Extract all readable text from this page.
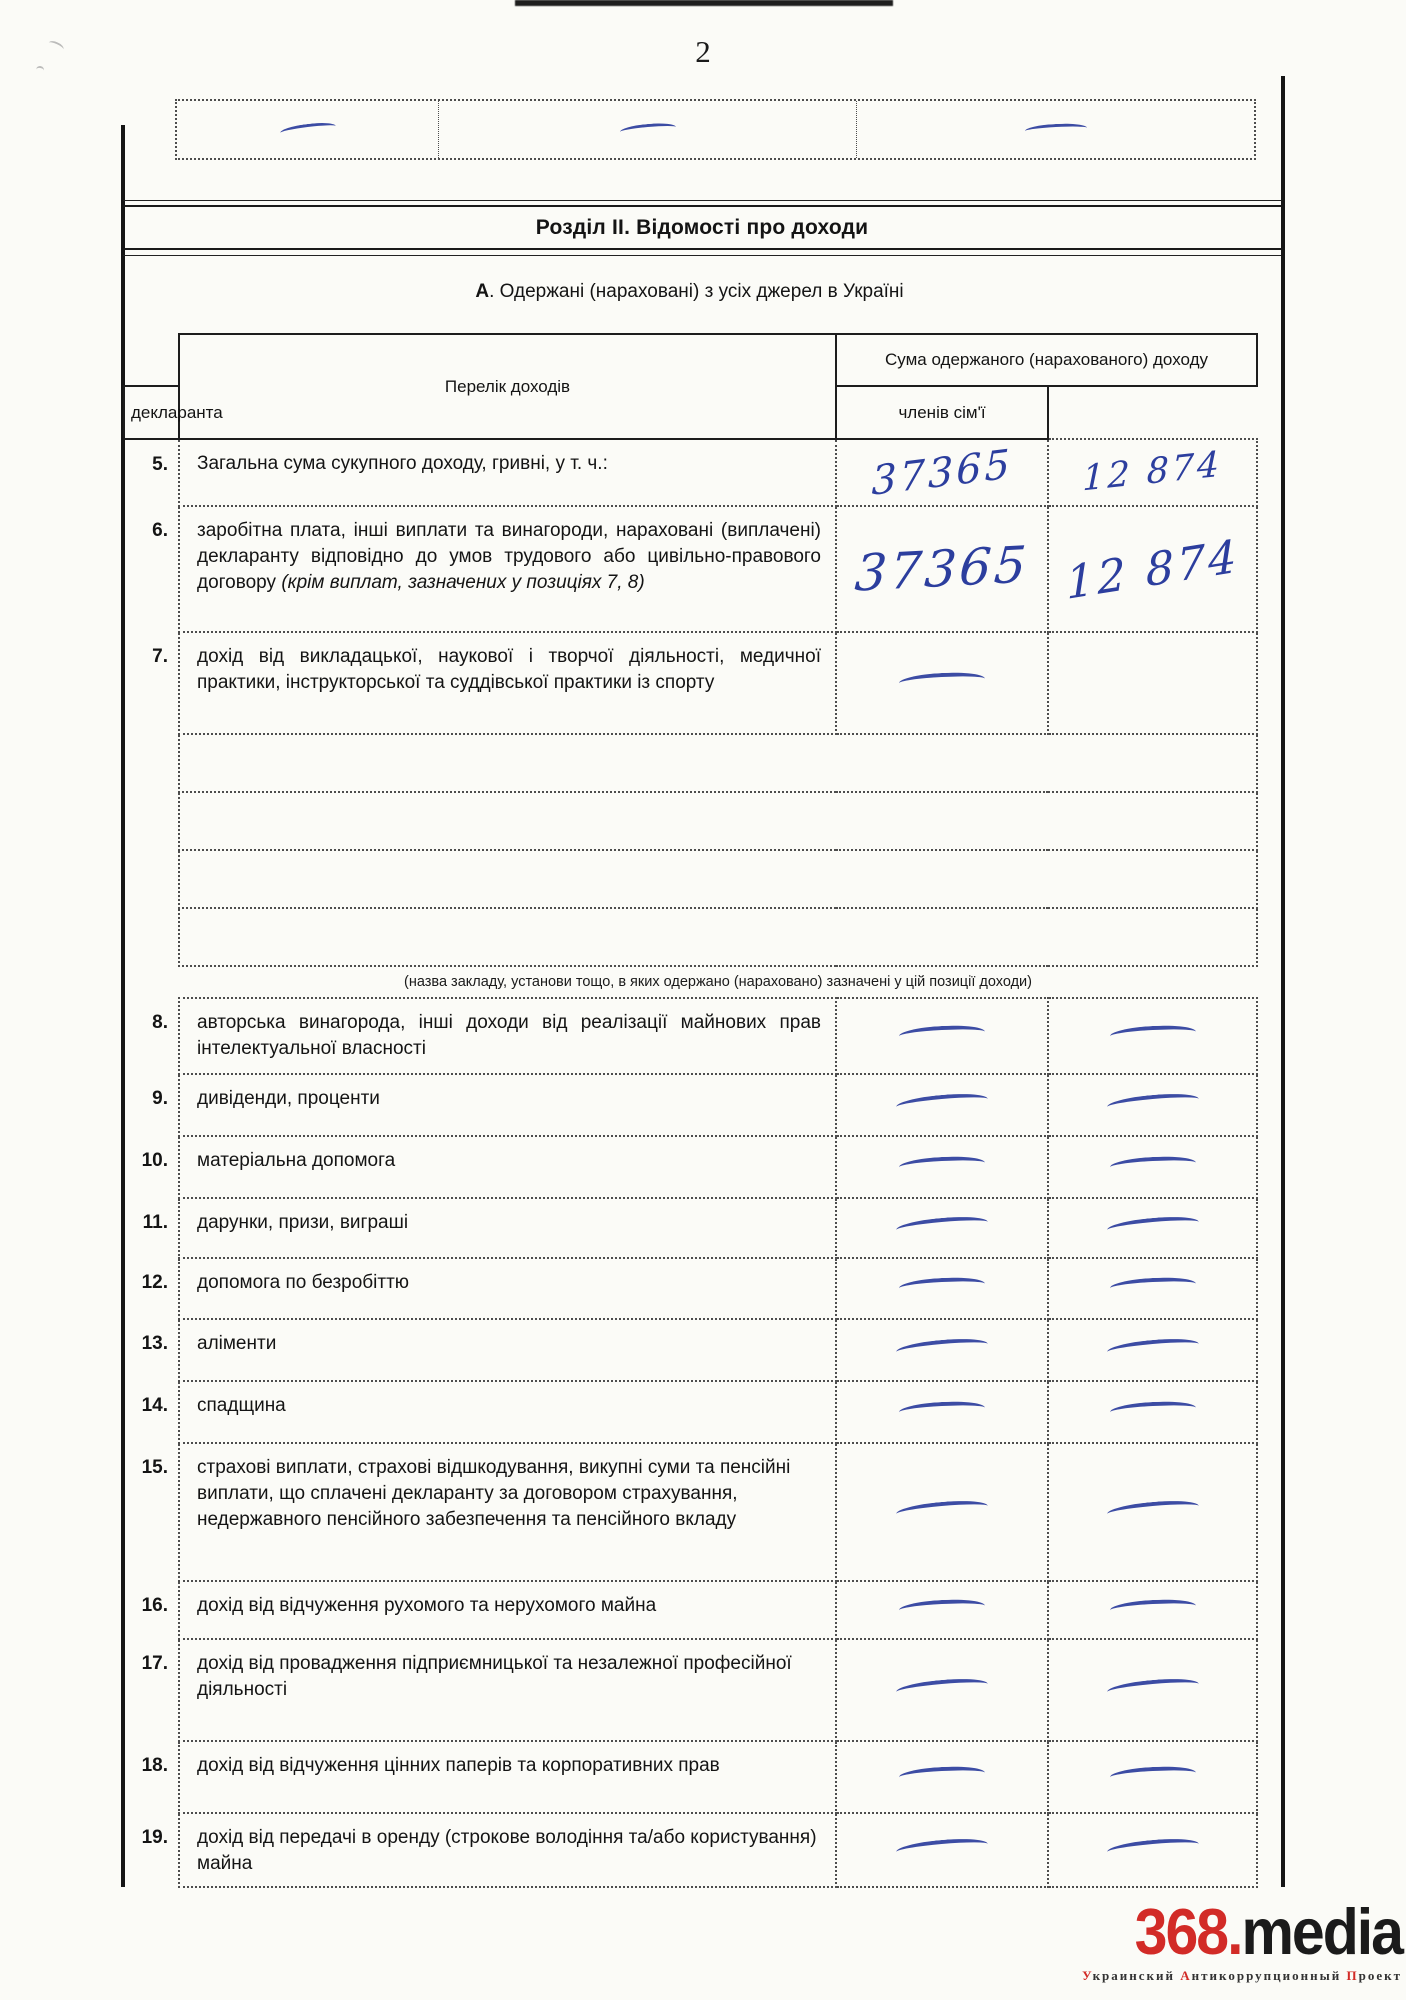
2
Розділ II. Відомості про доходи
А. Одержані (нараховані) з усіх джерел в Україні
	Перелік доходів	Сума одержаного (нарахованого) доходу	
декларанта		членів сім'ї	
5.	Загальна сума сукупного доходу, гривні, у т. ч.:	37365	12 874
6.	заробітна плата, інші виплати та винагороди, нараховані (виплачені) декларанту відповідно до умов трудового або цивільно-правового договору (крім виплат, зазначених у позиціях 7, 8)	37365	12 874
7.	дохід від викладацької, наукової і творчої діяльності, медичної практики, інструкторської та суддівської практики із спорту		

	(назва закладу, установи тощо, в яких одержано (нараховано) зазначені у цій позиції доходи)		
8.	авторська винагорода, інші доходи від реалізації майнових прав інтелектуальної власності		
9.	дивіденди, проценти		
10.	матеріальна допомога		
11.	дарунки, призи, виграші		
12.	допомога по безробіттю		
13.	аліменти		
14.	спадщина		
15.	страхові виплати, страхові відшкодування, викупні суми та пенсійні виплати, що сплачені декларанту за договором страхування, недержавного пенсійного забезпечення та пенсійного вкладу		
16.	дохід від відчуження рухомого та нерухомого майна		
17.	дохід від провадження підприємницької та незалежної професійної діяльності		
18.	дохід від відчуження цінних паперів та корпоративних прав		
19.	дохід від передачі в оренду (строкове володіння та/або користування) майна		
368.media
Украинский Антикоррупционный Проект
